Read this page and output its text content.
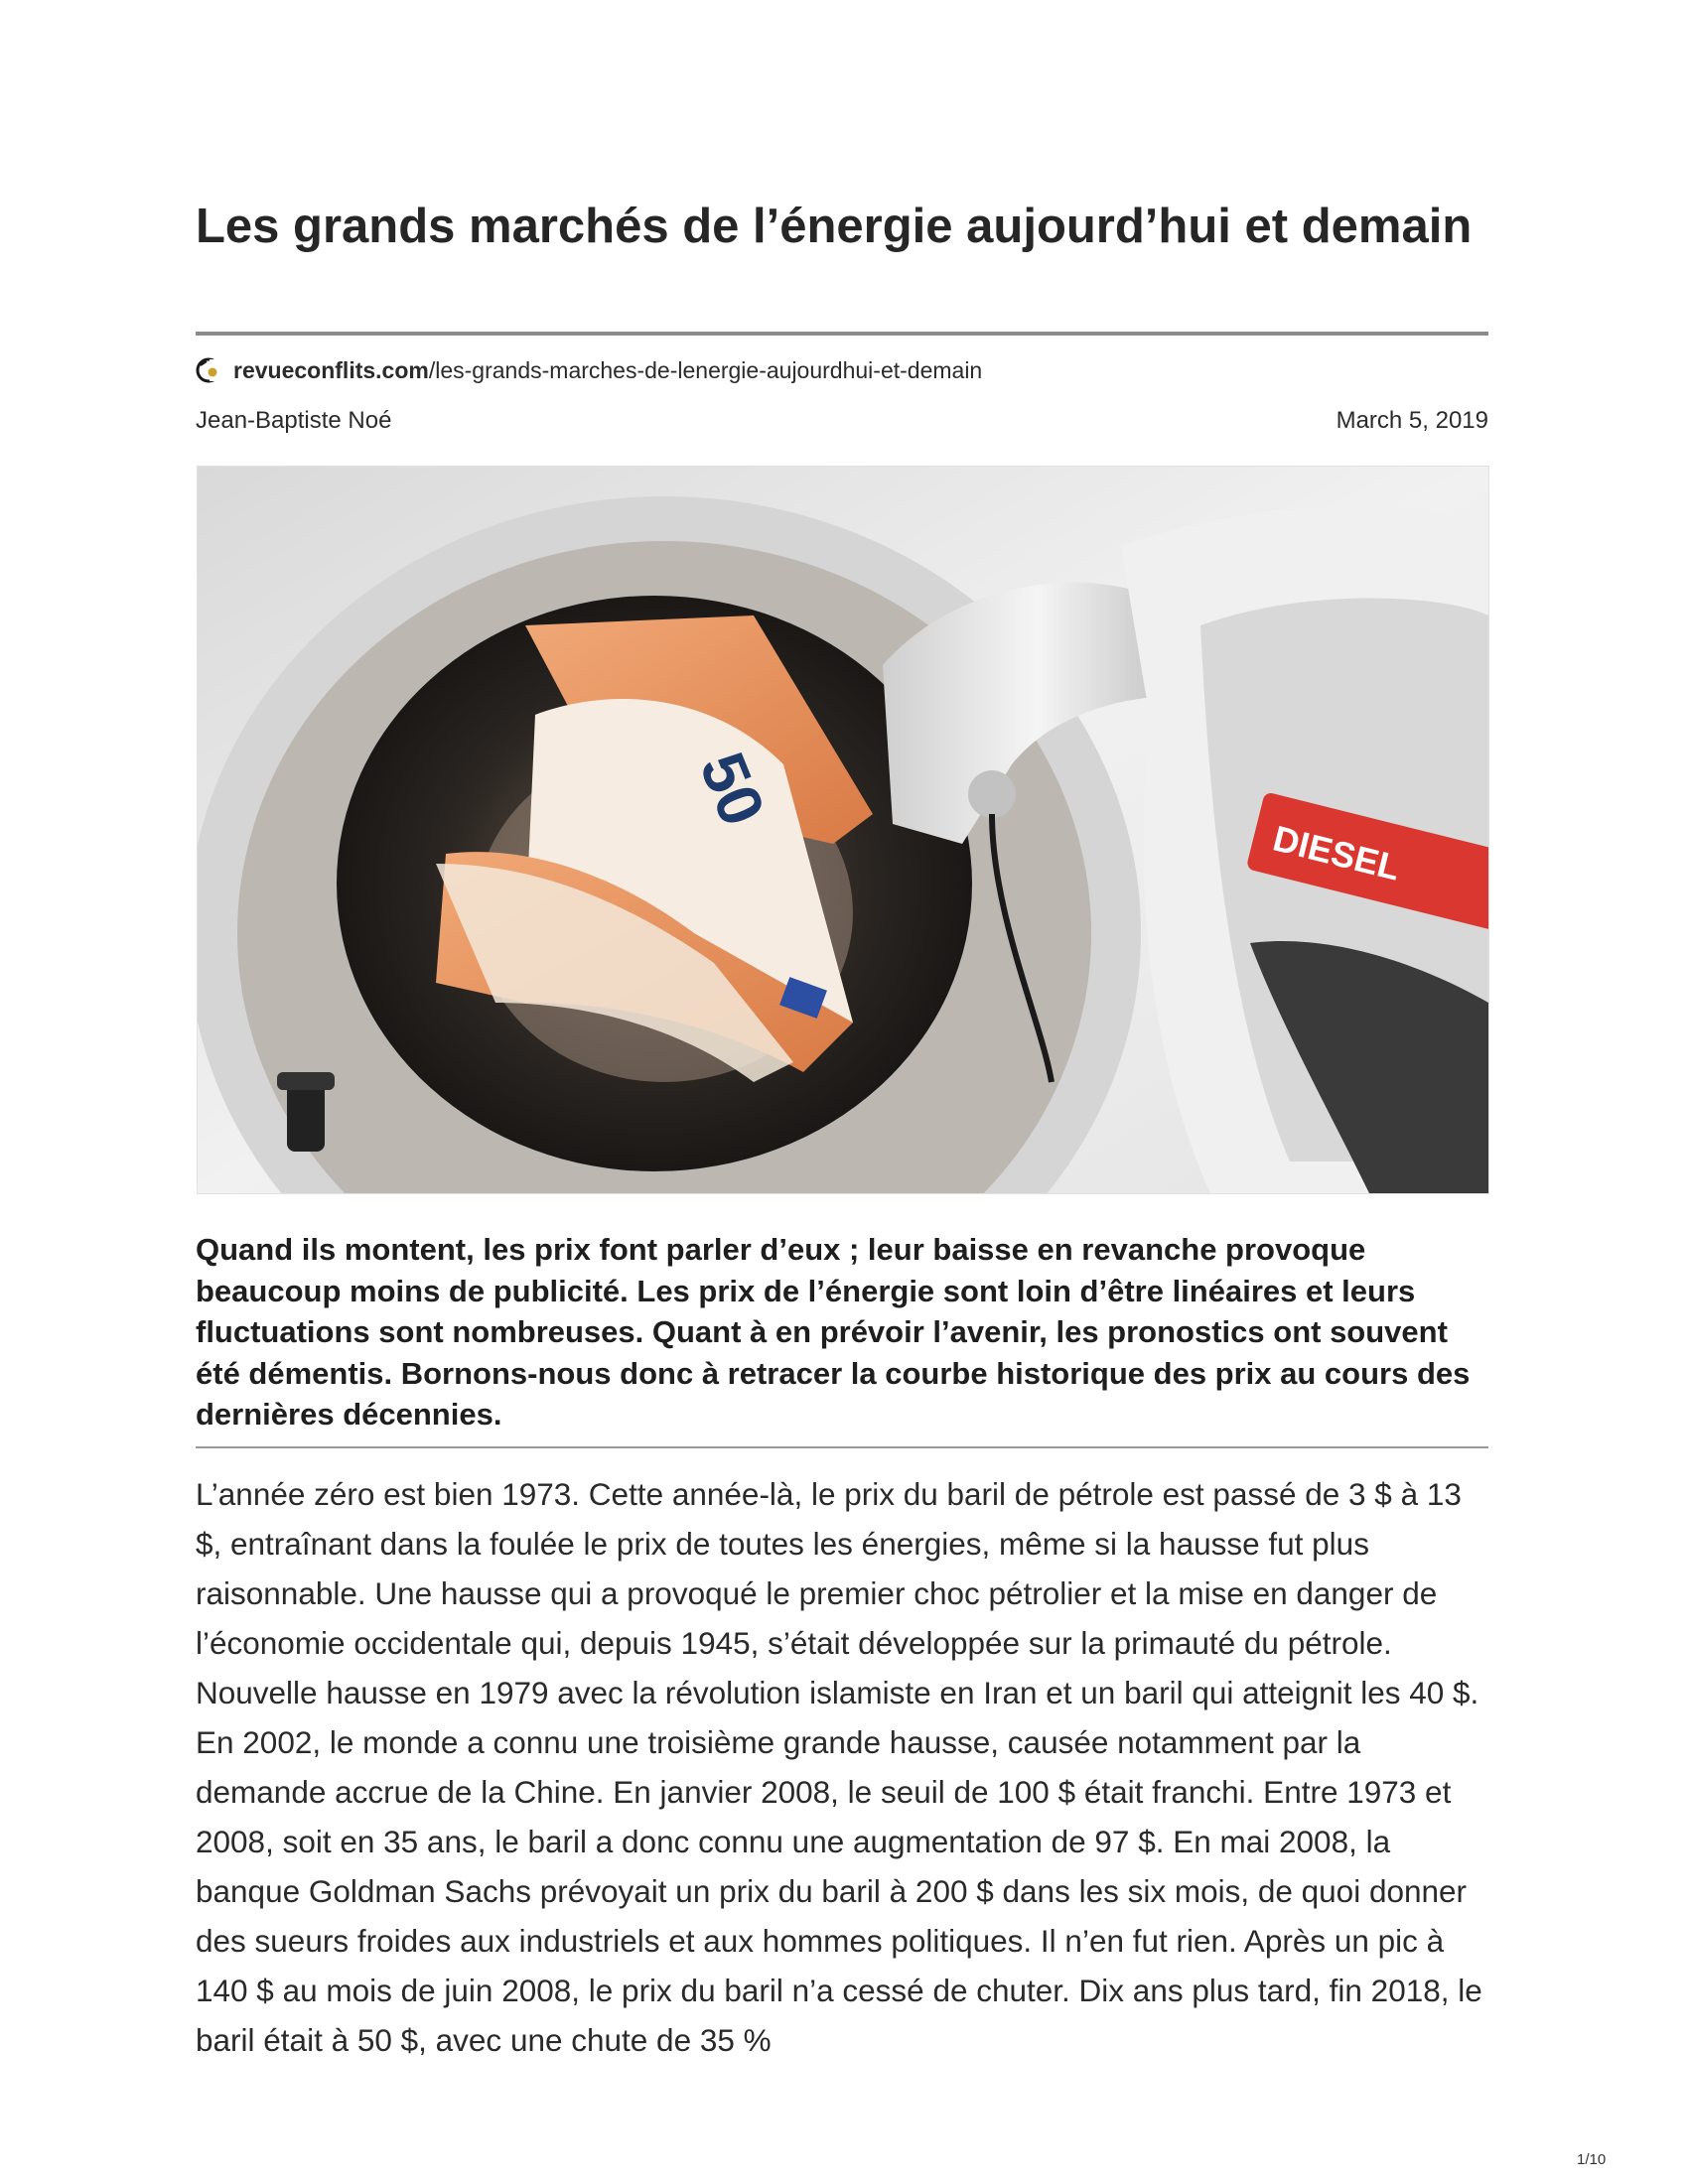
Les grands marchés de l’énergie aujourd’hui et demain
revueconflits.com/les-grands-marches-de-lenergie-aujourdhui-et-demain
Jean-Baptiste Noé	March 5, 2019
50
DIESEL

Quand ils montent, les prix font parler d’eux ; leur baisse en revanche provoque beaucoup moins de publicité. Les prix de l’énergie sont loin d’être linéaires et leurs fluctuations sont nombreuses. Quant à en prévoir l’avenir, les pronostics ont souvent été démentis. Bornons-nous donc à retracer la courbe historique des prix au cours des dernières décennies.

L’année zéro est bien 1973. Cette année-là, le prix du baril de pétrole est passé de 3 $ à 13 $, entraînant dans la foulée le prix de toutes les énergies, même si la hausse fut plus raisonnable. Une hausse qui a provoqué le premier choc pétrolier et la mise en danger de l’économie occidentale qui, depuis 1945, s’était développée sur la primauté du pétrole. Nouvelle hausse en 1979 avec la révolution islamiste en Iran et un baril qui atteignit les 40 $. En 2002, le monde a connu une troisième grande hausse, causée notamment par la demande accrue de la Chine. En janvier 2008, le seuil de 100 $ était franchi. Entre 1973 et 2008, soit en 35 ans, le baril a donc connu une augmentation de 97 $. En mai 2008, la banque Goldman Sachs prévoyait un prix du baril à 200 $ dans les six mois, de quoi donner des sueurs froides aux industriels et aux hommes politiques. Il n’en fut rien. Après un pic à 140 $ au mois de juin 2008, le prix du baril n’a cessé de chuter. Dix ans plus tard, fin 2018, le baril était à 50 $, avec une chute de 35 %

1/10
